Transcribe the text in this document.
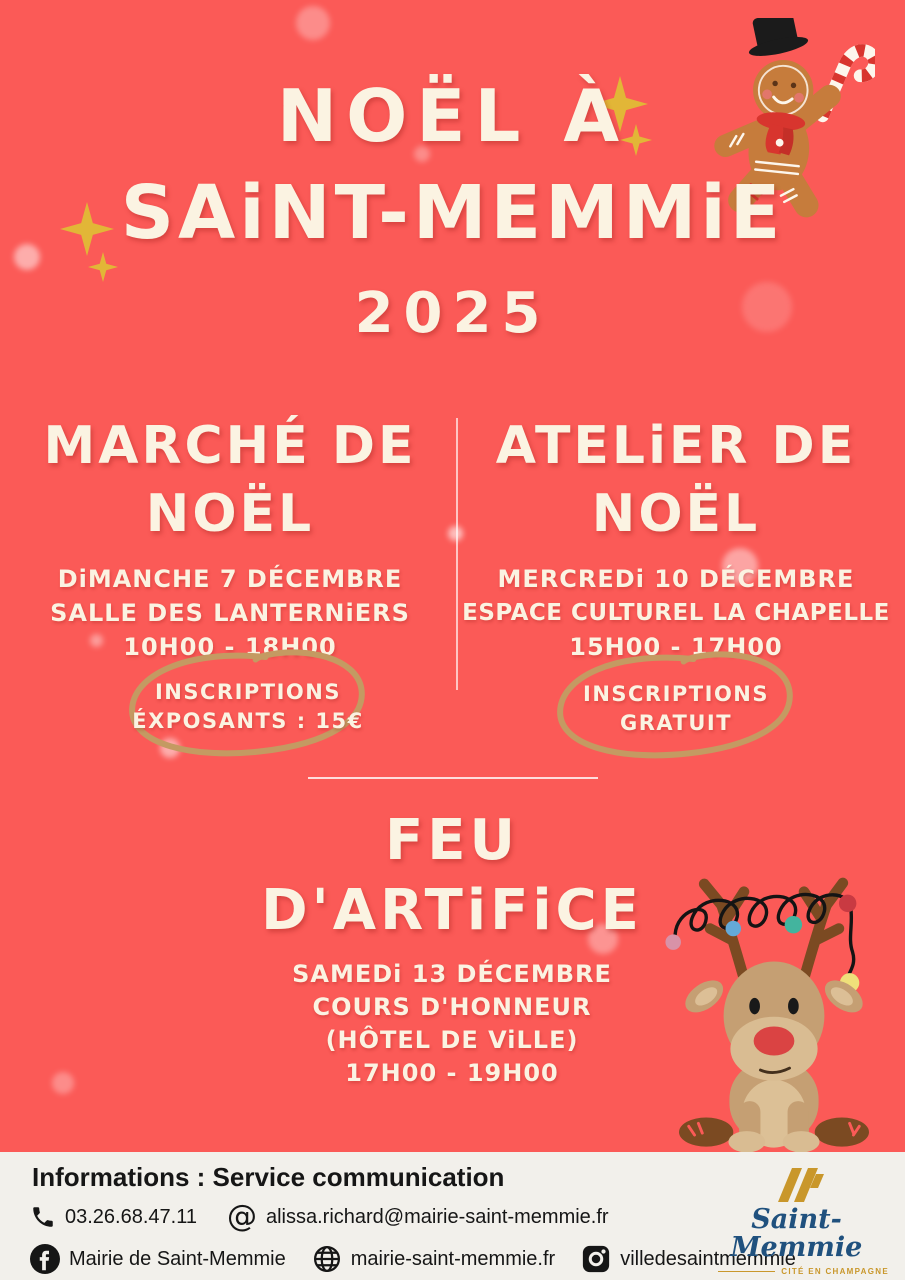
NOËL À
SAiNT-MEMMiE
2025
MARCHÉ DE
NOËL
DiMANCHE 7 DÉCEMBRE
SALLE DES LANTERNiERS
10H00 - 18H00
ATELiER DE
NOËL
MERCREDi 10 DÉCEMBRE
ESPACE CULTUREL LA CHAPELLE
15H00 - 17H00
INSCRIPTIONS
ÉXPOSANTS : 15€
INSCRIPTIONS
GRATUIT
FEU
D'ARTiFiCE
SAMEDi 13 DÉCEMBRE
COURS D'HONNEUR
(HÔTEL DE ViLLE)
17H00 - 19H00
Informations : Service communication
03.26.68.47.11 @ alissa.richard@mairie-saint-memmie.fr
Mairie de Saint-Memmie	mairie-saint-memmie.fr	villedesaintmemmie
Saint-Memmie
CITÉ EN CHAMPAGNE
